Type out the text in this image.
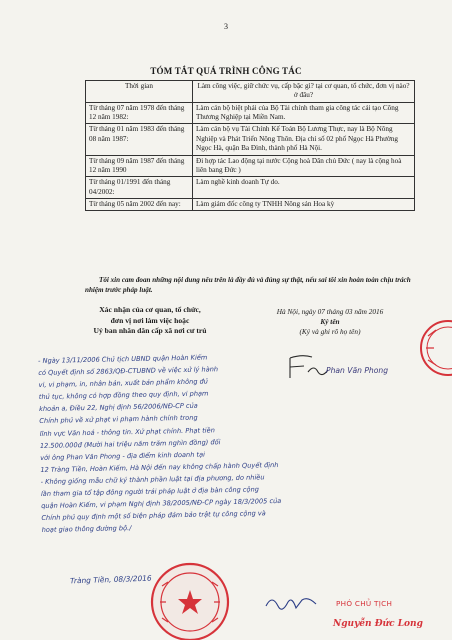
3
TÓM TẮT QUÁ TRÌNH CÔNG TÁC
Thời gian	Làm công việc, giữ chức vụ, cấp bậc gì? tại cơ quan, tổ chức, đơn vị nào? ở đâu?
Từ tháng 07 năm 1978 đến tháng 12 năm 1982:	Làm cán bộ biệt phái của Bộ Tài chính tham gia công tác cải tạo Công Thương Nghiệp tại Miền Nam.
Từ tháng 01 năm 1983 đến tháng 08 năm 1987:	Làm cán bộ vụ Tài Chính Kế Toán Bộ Lương Thực, nay là Bộ Nông Nghiệp và Phát Triển Nông Thôn. Địa chỉ số 02 phố Ngọc Hà Phường Ngọc Hà, quận Ba Đình, thành phố Hà Nội.
Từ tháng 09 năm 1987 đến tháng 12 năm 1990	Đi hợp tác Lao động tại nước Cộng hoà Dân chủ Đức ( nay là cộng hoà liên bang Đức )
Từ tháng 01/1991 đến tháng 04/2002:	Làm nghề kinh doanh Tự do.
Từ tháng 05 năm 2002 đến nay:	Làm giám đốc công ty TNHH Nông sản Hoa kỳ
Tôi xin cam đoan những nội dung nêu trên là đầy đủ và đúng sự thật, nếu sai tôi xin hoàn toàn chịu trách nhiệm trước pháp luật.
Xác nhận của cơ quan, tổ chức,
đơn vị nơi làm việc hoặc
Uỷ ban nhân dân cấp xã nơi cư trú
Hà Nội, ngày 07 tháng 03 năm 2016
Ký tên
(Ký và ghi rõ họ tên)
Phan Văn Phong

- Ngày 13/11/2006 Chủ tịch UBND quận Hoàn Kiếm

có Quyết định số 2863/QĐ-CTUBND về việc xử lý hành

vi, vi phạm, in, nhân bản, xuất bản phẩm không đủ

thủ tục, không có hợp đồng theo quy định, vi phạm

khoản a, Điều 22, Nghị định 56/2006/NĐ-CP của

Chính phủ về xử phạt vi phạm hành chính trong

lĩnh vực Văn hoá - thông tin. Xử phạt chính. Phạt tiền

12.500.000đ (Mười hai triệu năm trăm nghìn đồng) đối

với ông Phan Văn Phong - địa điểm kinh doanh tại

12 Tràng Tiền, Hoàn Kiếm, Hà Nội đến nay không chấp hành Quyết định

- Không giống mẫu chữ ký thành phần luật tại địa phương, do nhiều

lần tham gia tổ tập đông người trái pháp luật ở địa bàn công cộng

quận Hoàn Kiếm, vi phạm Nghị định 38/2005/NĐ-CP ngày 18/3/2005 của

Chính phủ quy định một số biện pháp đảm bảo trật tự công cộng và

hoạt giao thông đường bộ./

Tràng Tiền, 08/3/2016
PHÓ CHỦ TỊCH
Nguyễn Đức Long
